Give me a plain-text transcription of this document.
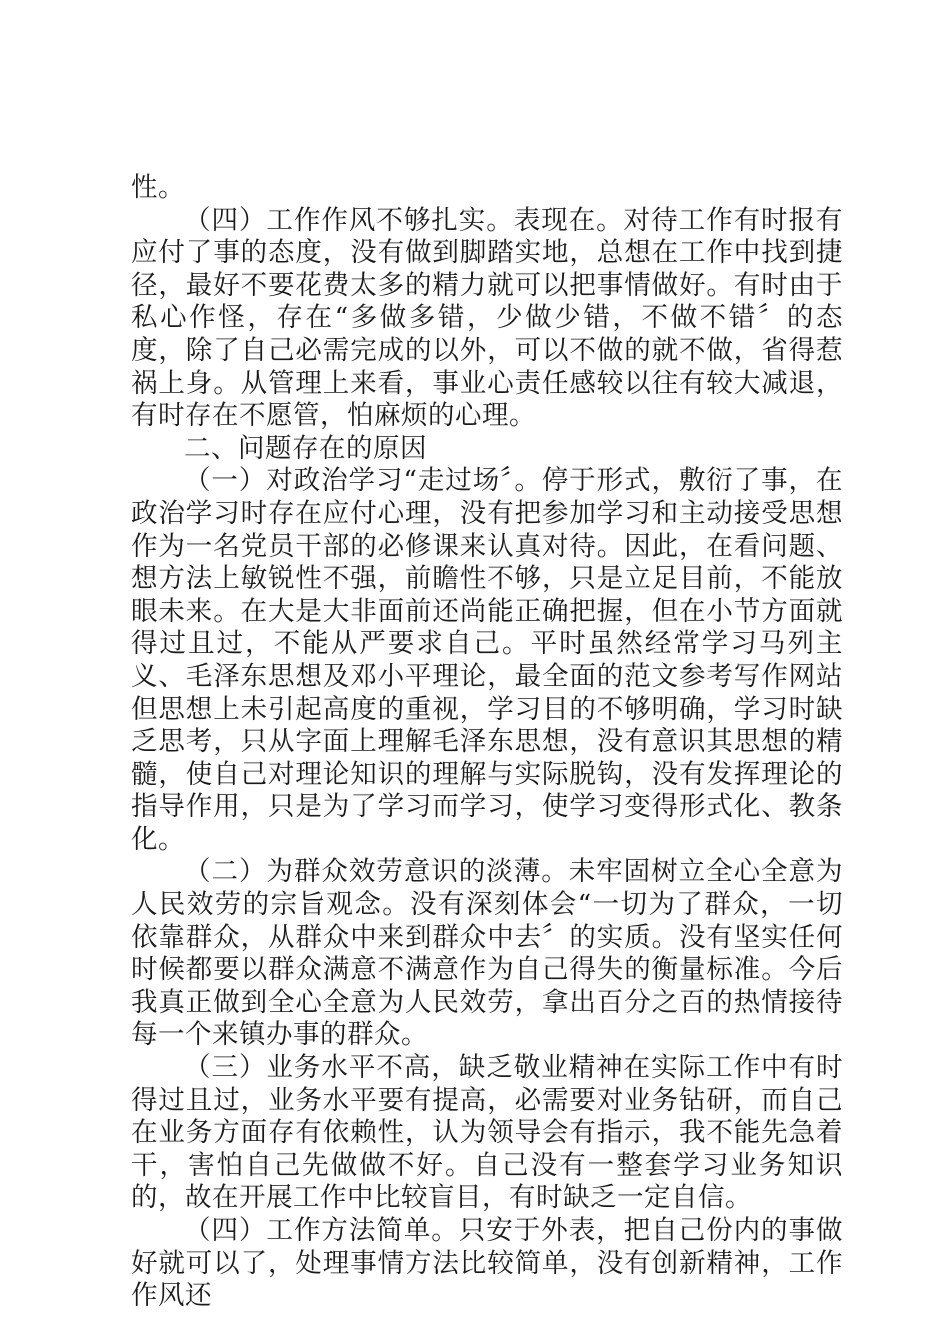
性。

（四）工作作风不够扎实。表现在。对待工作有时报有应付了事的态度，没有做到脚踏实地，总想在工作中找到捷径，最好不要花费太多的精力就可以把事情做好。有时由于私心作怪，存在“多做多错，少做少错，不做不错〞的态度，除了自己必需完成的以外，可以不做的就不做，省得惹祸上身。从管理上来看，事业心责任感较以往有较大减退，有时存在不愿管，怕麻烦的心理。

二、问题存在的原因

（一）对政治学习“走过场〞。停于形式，敷衍了事，在政治学习时存在应付心理，没有把参加学习和主动接受思想作为一名党员干部的必修课来认真对待。因此，在看问题、想方法上敏锐性不强，前瞻性不够，只是立足目前，不能放眼未来。在大是大非面前还尚能正确把握，但在小节方面就得过且过，不能从严要求自己。平时虽然经常学习马列主义、毛泽东思想及邓小平理论，最全面的范文参考写作网站但思想上未引起高度的重视，学习目的不够明确，学习时缺乏思考，只从字面上理解毛泽东思想，没有意识其思想的精髓，使自己对理论知识的理解与实际脱钩，没有发挥理论的指导作用，只是为了学习而学习，使学习变得形式化、教条化。

（二）为群众效劳意识的淡薄。未牢固树立全心全意为人民效劳的宗旨观念。没有深刻体会“一切为了群众，一切依靠群众，从群众中来到群众中去〞的实质。没有坚实任何时候都要以群众满意不满意作为自己得失的衡量标准。今后我真正做到全心全意为人民效劳，拿出百分之百的热情接待每一个来镇办事的群众。

（三）业务水平不高，缺乏敬业精神在实际工作中有时得过且过，业务水平要有提高，必需要对业务钻研，而自己在业务方面存有依赖性，认为领导会有指示，我不能先急着干，害怕自己先做做不好。自己没有一整套学习业务知识的，故在开展工作中比较盲目，有时缺乏一定自信。

（四）工作方法简单。只安于外表，把自己份内的事做好就可以了，处理事情方法比较简单，没有创新精神，工作作风还
